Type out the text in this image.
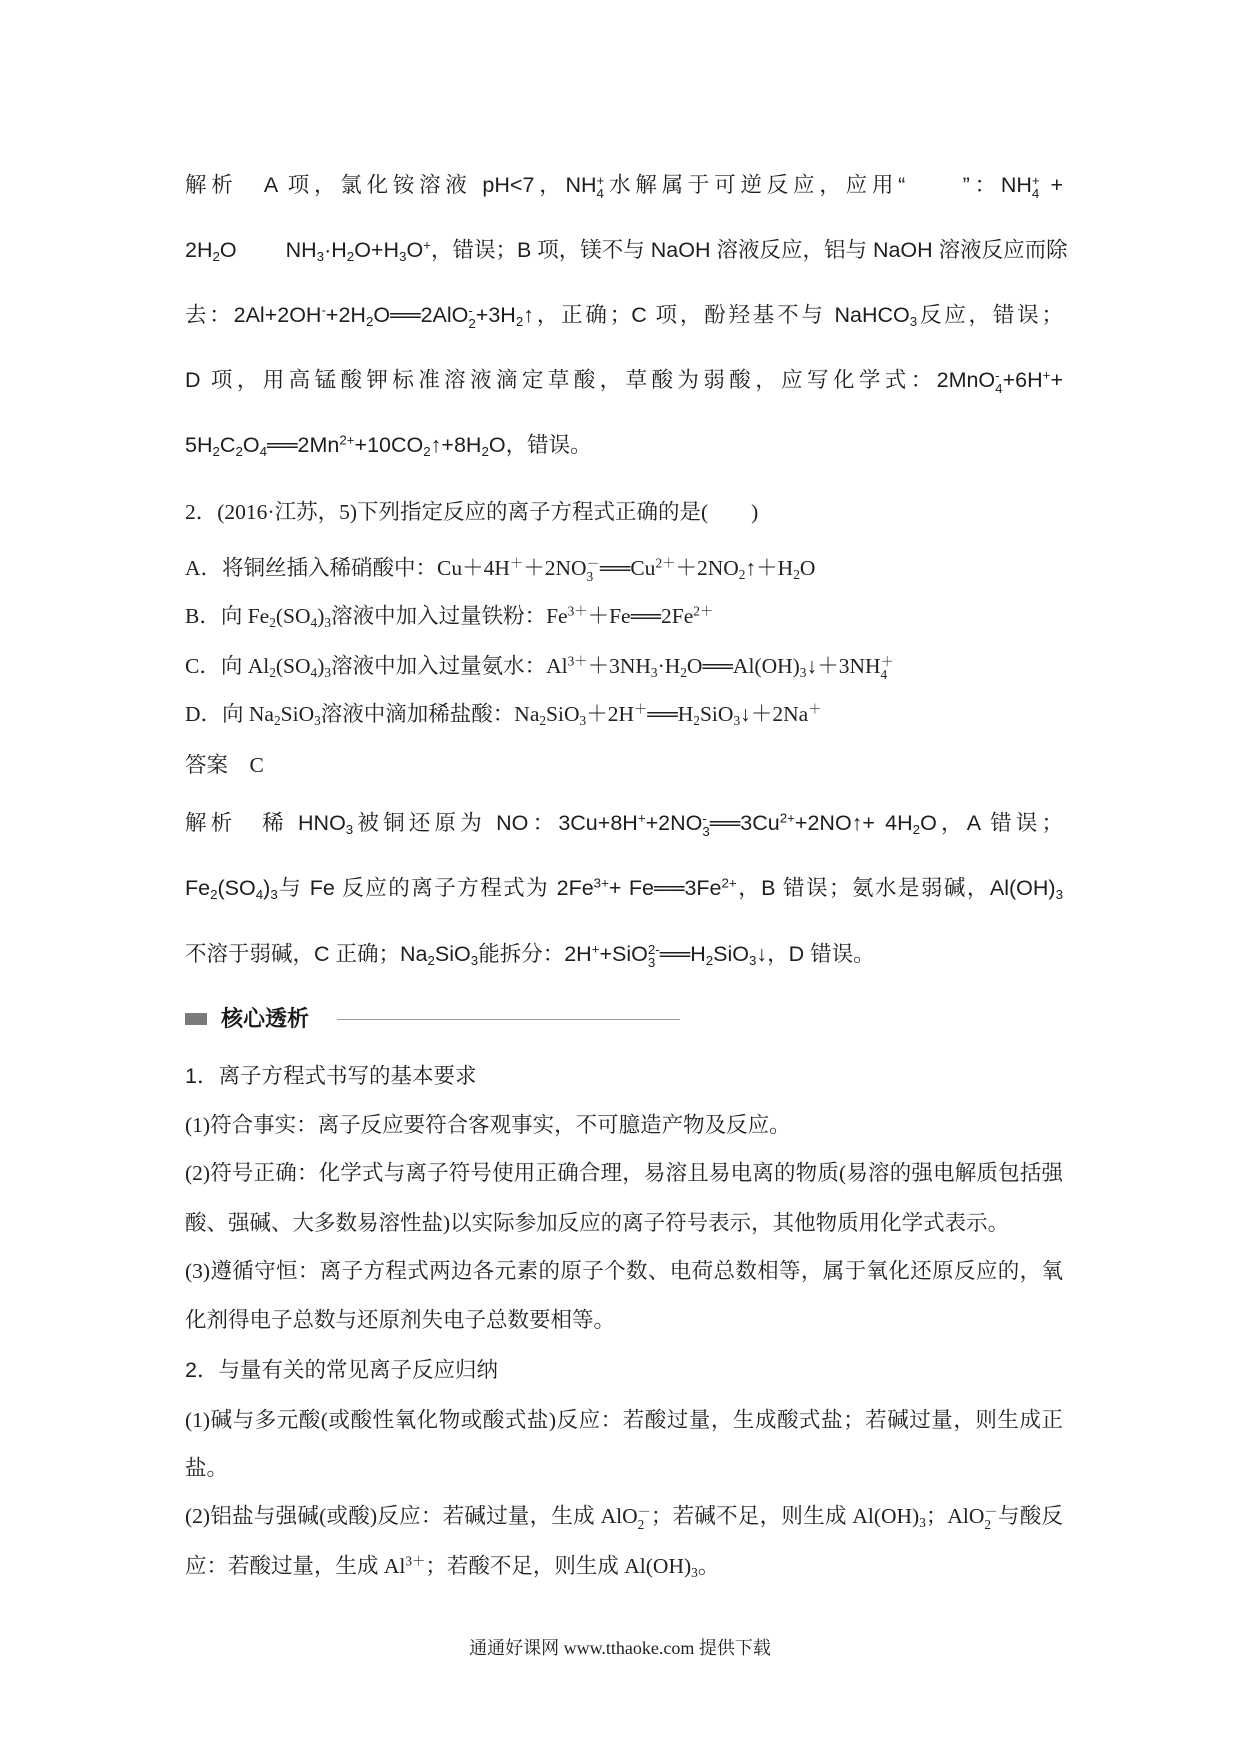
解析　A 项，氯化铵溶液 pH<7，NH +
4 水解属于可逆反应，应用“　　”：NH +
4 +
2H2O　　 NH3·H2O+H3O+，错误；B 项，镁不与 NaOH 溶液反应，铝与 NaOH 溶液反应而除
去：2Al+2OH-+2H2O══2AlO -
2 +3H2↑，正确；C 项，酚羟基不与 NaHCO3反应，错误；
D 项，用高锰酸钾标准溶液滴定草酸，草酸为弱酸，应写化学式：2MnO -
4 +6H++
$5H2C2O4══2Mn^{2+}+10CO2↑+8H2O$，错误。
2．(2016·江苏，5)下列指定反应的离子方程式正确的是(　　)
A．将铜丝插入稀硝酸中：Cu＋4H＋＋2NO －
3 $══Cu^{2+}+2NO2↑+H2O$
B．向 Fe2(SO4)3溶液中加入过量铁粉：$Fe^{3+}+Fe══2Fe^{2+}$
C．向 Al2(SO4)3溶液中加入过量氨水：$Al^{3+}+3NH3\cdot H2O══Al(OH)3↓+3NH$ ＋
4
D．向 Na2SiO3溶液中滴加稀盐酸：Na2SiO3＋2H＋══H2SiO3↓＋2Na＋
答案　C
解析　稀 HNO3被铜还原为 NO：3Cu+8H++2NO -
3 $══3Cu^{2+}+2NO↑+ 4H2O$，A 错误；
Fe2(SO4)3与 Fe 反应的离子方程式为 $2Fe^{3+}+$ $Fe══3Fe^{2+}$，B 错误；氨水是弱碱，Al(OH)3
不溶于弱碱，C 正确；Na2SiO3能拆分：2H++SiO 2-
3 ══H2SiO3↓，D 错误。
核心透析
1．离子方程式书写的基本要求
(1)符合事实：离子反应要符合客观事实，不可臆造产物及反应。
(2)符号正确：化学式与离子符号使用正确合理，易溶且易电离的物质(易溶的强电解质包括强
酸、强碱、大多数易溶性盐)以实际参加反应的离子符号表示，其他物质用化学式表示。
(3)遵循守恒：离子方程式两边各元素的原子个数、电荷总数相等，属于氧化还原反应的，氧
化剂得电子总数与还原剂失电子总数要相等。
2．与量有关的常见离子反应归纳
(1)碱与多元酸(或酸性氧化物或酸式盐)反应：若酸过量，生成酸式盐；若碱过量，则生成正
盐。
(2)铝盐与强碱(或酸)反应：若碱过量，生成 AlO －
2 ；若碱不足，则生成 Al(OH)3；AlO －
2 与酸反
应：若酸过量，生成 $Al^{3+}$；若酸不足，则生成 Al(OH)3。
通通好课网 www.tthaoke.com 提供下载
